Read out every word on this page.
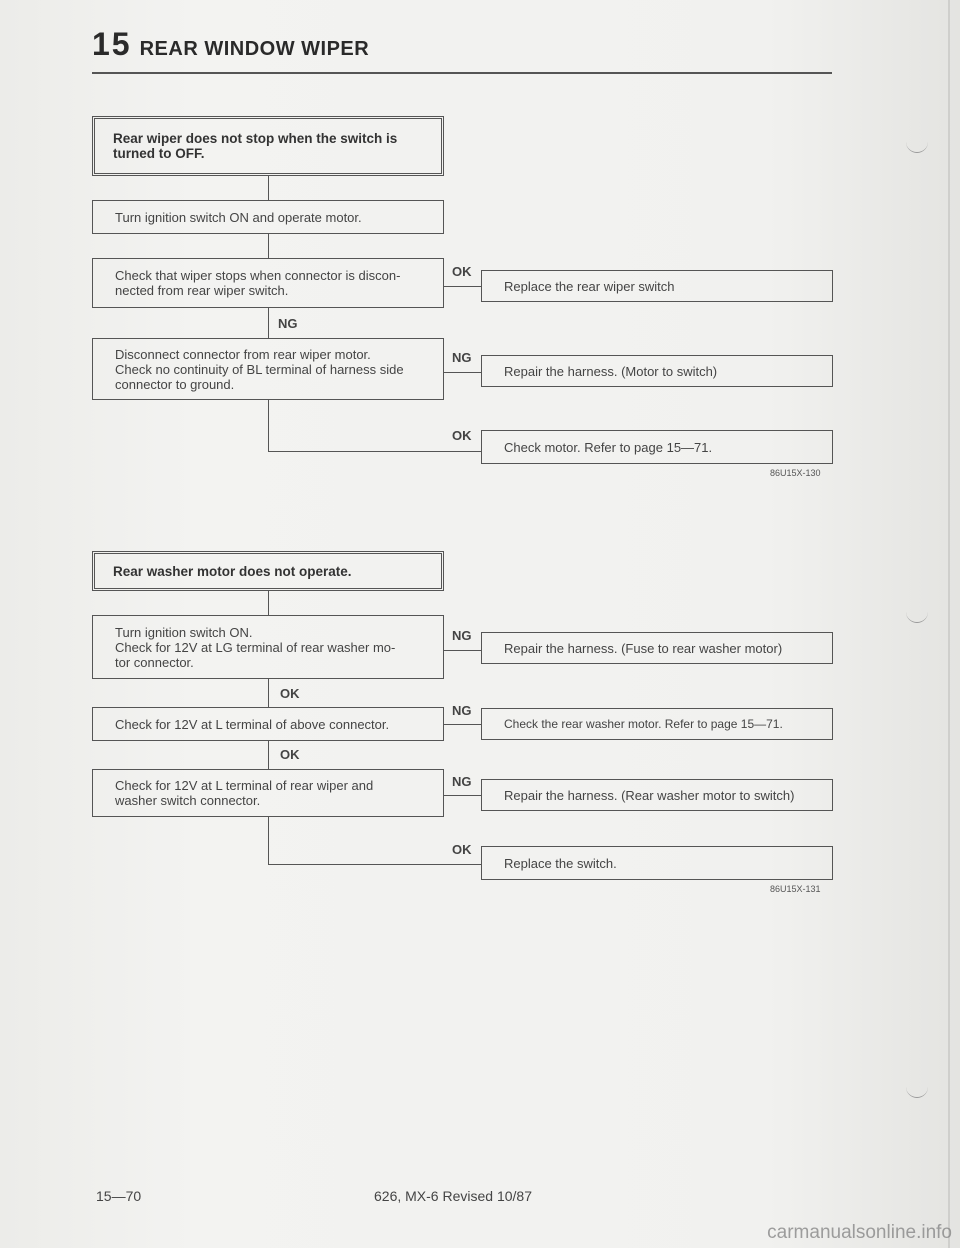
15 REAR WINDOW WIPER
Rear wiper does not stop when the switch is
turned to OFF.
Turn ignition switch ON and operate motor.
Check that wiper stops when connector is discon-
nected from rear wiper switch.
OK
Replace the rear wiper switch
NG
Disconnect connector from rear wiper motor.
Check no continuity of BL terminal of harness side
connector to ground.
NG
Repair the harness. (Motor to switch)
OK
Check motor. Refer to page 15—71.
86U15X-130
Rear washer motor does not operate.
Turn ignition switch ON.
Check for 12V at LG terminal of rear washer mo-
tor connector.
NG
Repair the harness. (Fuse to rear washer motor)
OK
Check for 12V at L terminal of above connector.
NG
Check the rear washer motor. Refer to page 15—71.
OK
Check for 12V at L terminal of rear wiper and
washer switch connector.
NG
Repair the harness. (Rear washer motor to switch)
OK
Replace the switch.
86U15X-131
15—70	626, MX-6 Revised 10/87
carmanualsonline.info
